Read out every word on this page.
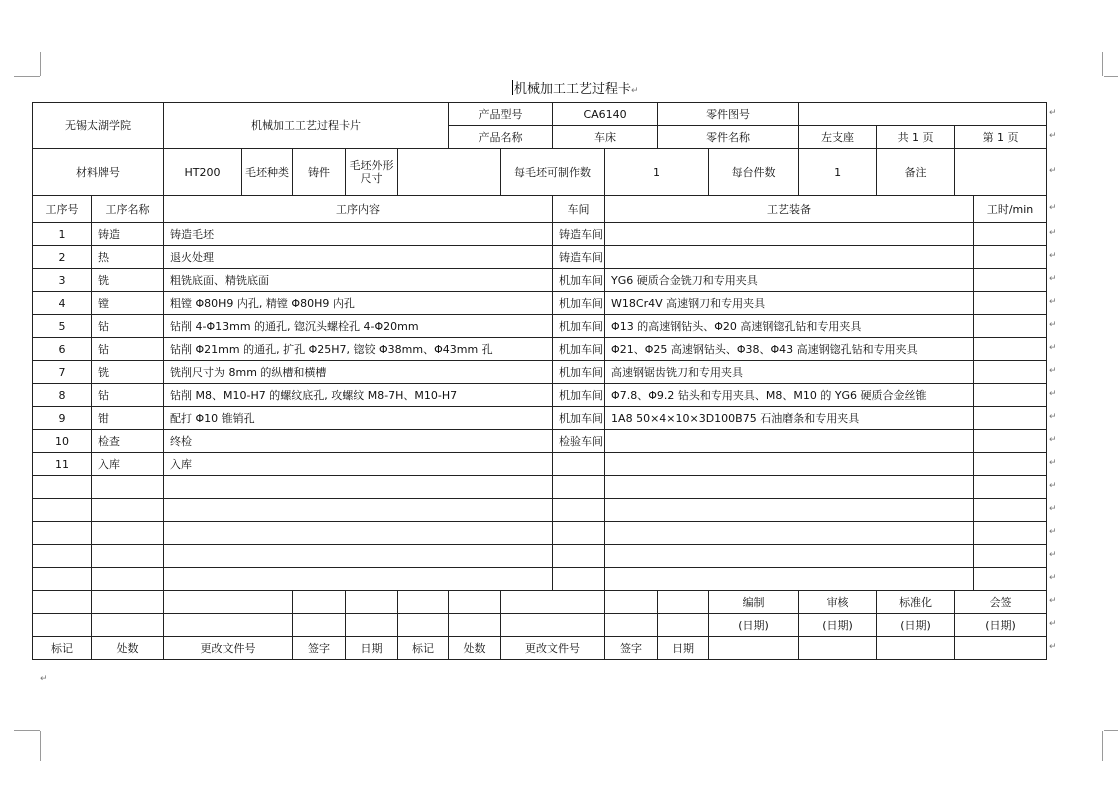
机械加工工艺过程卡↵
无锡太湖学院		机械加工工艺过程卡片					产品型号		CA6140		零件图号					
							产品名称		车床		零件名称		左支座	共 1 页	第 1 页	
材料牌号		HT200	毛坯种类	铸件	毛坯外形尺寸			每毛坯可制作数		1		每台件数	1	备注		
工序号	工序名称	工序内容							车间	工艺装备						工时/min
1	铸造	铸造毛坯							铸造车间							
2	热	退火处理							铸造车间							
3	铣	粗铣底面、精铣底面							机加车间	YG6 硬质合金铣刀和专用夹具						
4	镗	粗镗 Φ80H9 内孔, 精镗 Φ80H9 内孔							机加车间	W18Cr4V 高速钢刀和专用夹具						
5	钻	钻削 4-Φ13mm 的通孔, 锪沉头螺栓孔 4-Φ20mm							机加车间	Φ13 的高速钢钻头、Φ20 高速钢锪孔钻和专用夹具						
6	钻	钻削 Φ21mm 的通孔, 扩孔 Φ25H7, 锪铰 Φ38mm、Φ43mm 孔							机加车间	Φ21、Φ25 高速钢钻头、Φ38、Φ43 高速钢锪孔钻和专用夹具						
7	铣	铣削尺寸为 8mm 的纵槽和横槽							机加车间	高速钢锯齿铣刀和专用夹具						
8	钻	钻削 M8、M10-H7 的螺纹底孔, 攻螺纹 M8-7H、M10-H7							机加车间	Φ7.8、Φ9.2 钻头和专用夹具、M8、M10 的 YG6 硬质合金丝锥						
9	钳	配打 Φ10 锥销孔							机加车间	1A8 50×4×10×3D100B75 石油磨条和专用夹具						
10	检查	终检							检验车间							
11	入库	入库														

												编制	审核	标准化	会签	
												(日期)	(日期)	(日期)	(日期)	
标记	处数	更改文件号		签字	日期	标记	处数	更改文件号		签字	日期					
↵
↵
↵
↵
↵
↵
↵
↵
↵
↵
↵
↵
↵
↵
↵
↵
↵
↵
↵
↵
↵
↵
↵
↵
